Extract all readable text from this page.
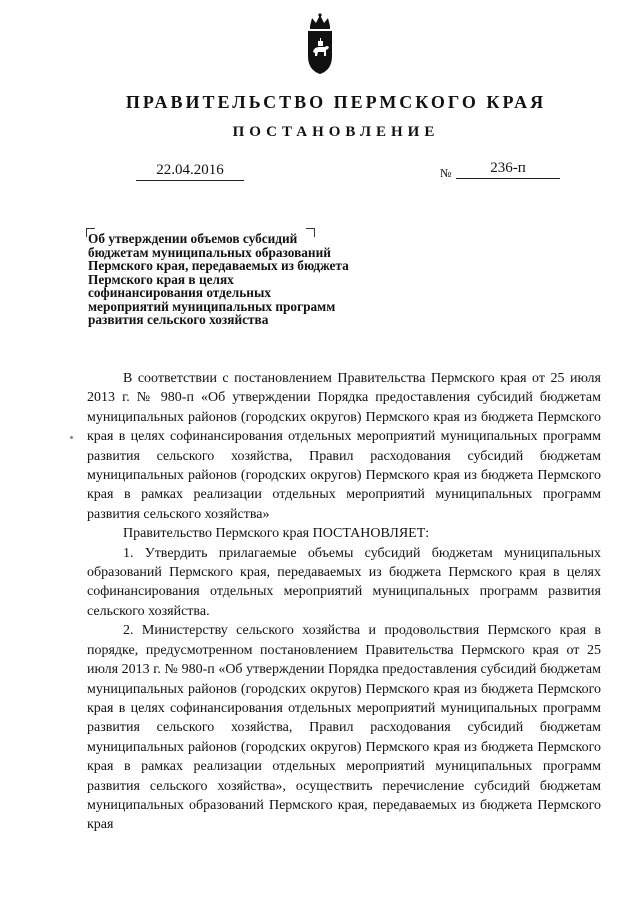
ПРАВИТЕЛЬСТВО ПЕРМСКОГО КРАЯ
ПОСТАНОВЛЕНИЕ
22.04.2016	№	236-п
Об утверждении объемов субсидий бюджетам муниципальных образований Пермского края, передаваемых из бюджета Пермского края в целях софинансирования отдельных мероприятий муниципальных программ развития сельского хозяйства

В соответствии с постановлением Правительства Пермского края от 25 июля 2013 г. № 980-п «Об утверждении Порядка предоставления субсидий бюджетам муниципальных районов (городских округов) Пермского края из бюджета Пермского края в целях софинансирования отдельных мероприятий муниципальных программ развития сельского хозяйства, Правил расходования субсидий бюджетам муниципальных районов (городских округов) Пермского края из бюджета Пермского края в рамках реализации отдельных мероприятий муниципальных программ развития сельского хозяйства»

Правительство Пермского края ПОСТАНОВЛЯЕТ:

1. Утвердить прилагаемые объемы субсидий бюджетам муниципальных образований Пермского края, передаваемых из бюджета Пермского края в целях софинансирования отдельных мероприятий муниципальных программ развития сельского хозяйства.

2. Министерству сельского хозяйства и продовольствия Пермского края в порядке, предусмотренном постановлением Правительства Пермского края от 25 июля 2013 г. № 980-п «Об утверждении Порядка предоставления субсидий бюджетам муниципальных районов (городских округов) Пермского края из бюджета Пермского края в целях софинансирования отдельных мероприятий муниципальных программ развития сельского хозяйства, Правил расходования субсидий бюджетам муниципальных районов (городских округов) Пермского края из бюджета Пермского края в рамках реализации отдельных мероприятий муниципальных программ развития сельского хозяйства», осуществить перечисление субсидий бюджетам муниципальных образований Пермского края, передаваемых из бюджета Пермского края
